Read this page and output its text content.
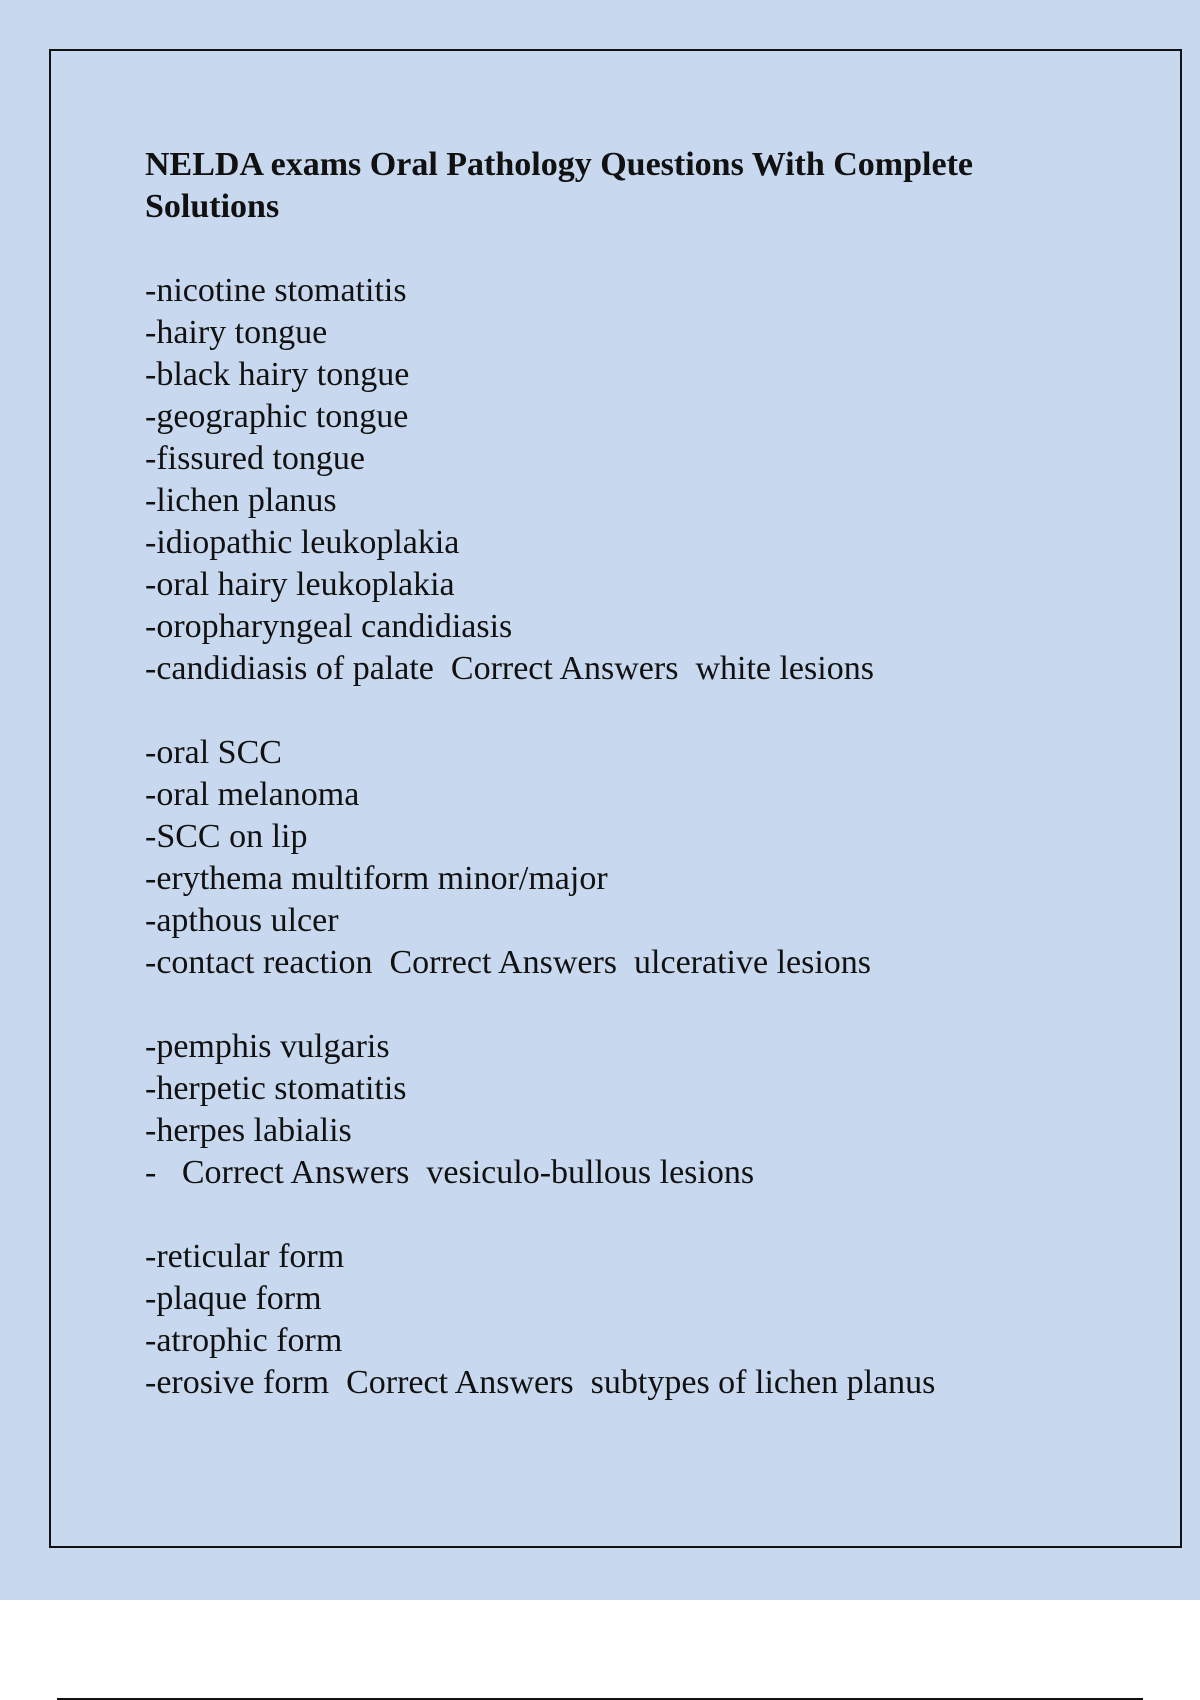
NELDA exams Oral Pathology Questions With Complete Solutions
-nicotine stomatitis
-hairy tongue
-black hairy tongue
-geographic tongue
-fissured tongue
-lichen planus
-idiopathic leukoplakia
-oral hairy leukoplakia
-oropharyngeal candidiasis
-candidiasis of palate  Correct Answers  white lesions
-oral SCC
-oral melanoma
-SCC on lip
-erythema multiform minor/major
-apthous ulcer
-contact reaction  Correct Answers  ulcerative lesions
-pemphis vulgaris
-herpetic stomatitis
-herpes labialis
-   Correct Answers  vesiculo-bullous lesions
-reticular form
-plaque form
-atrophic form
-erosive form  Correct Answers  subtypes of lichen planus
